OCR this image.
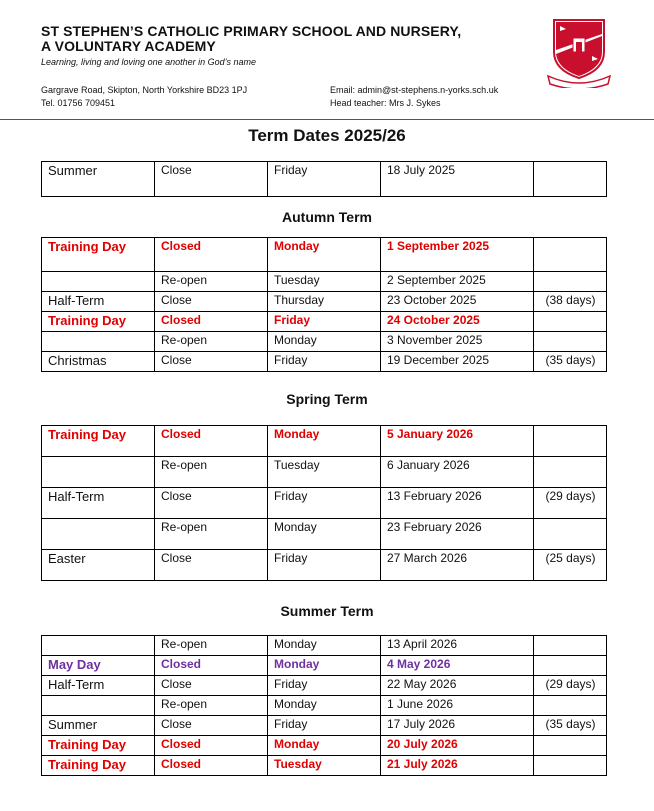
ST STEPHEN’S CATHOLIC PRIMARY SCHOOL AND NURSERY,
A VOLUNTARY ACADEMY
Learning, living and loving one another in God’s name
Gargrave Road, Skipton, North Yorkshire BD23 1PJ
Tel. 01756 709451
Email: admin@st-stephens.n-yorks.sch.uk
Head teacher: Mrs J. Sykes
Term Dates 2025/26
Summer	Close	Friday	18 July 2025	
Autumn Term
Training Day	Closed	Monday	1 September 2025	
	Re-open	Tuesday	2 September 2025	
Half-Term	Close	Thursday	23 October 2025	(38 days)
Training Day	Closed	Friday	24 October 2025	
	Re-open	Monday	3 November 2025	
Christmas	Close	Friday	19 December 2025	(35 days)
Spring Term
Training Day	Closed	Monday	5 January 2026	
	Re-open	Tuesday	6 January 2026	
Half-Term	Close	Friday	13 February 2026	(29 days)
	Re-open	Monday	23 February 2026	
Easter	Close	Friday	27 March 2026	(25 days)
Summer Term
	Re-open	Monday	13 April 2026	
May Day	Closed	Monday	4 May 2026	
Half-Term	Close	Friday	22 May 2026	(29 days)
	Re-open	Monday	1 June 2026	
Summer	Close	Friday	17 July 2026	(35 days)
Training Day	Closed	Monday	20 July 2026	
Training Day	Closed	Tuesday	21 July 2026	
